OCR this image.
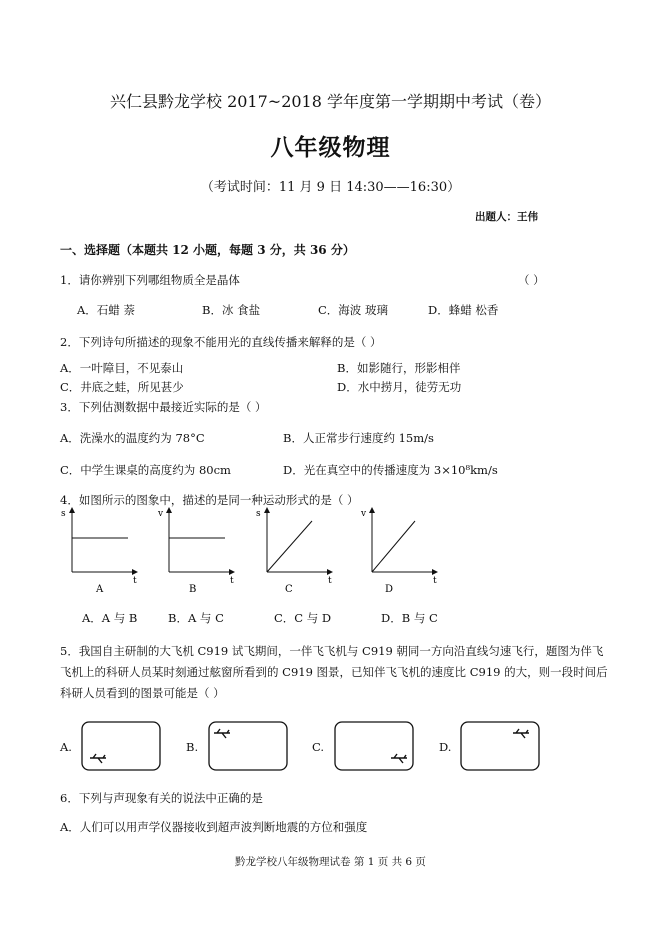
兴仁县黔龙学校 2017~2018 学年度第一学期期中考试（卷）
八年级物理
（考试时间：11 月 9 日 14:30——16:30）
出题人：王伟
一、选择题（本题共 12 小题，每题 3 分，共 36 分）
1．请你辨别下列哪组物质全是晶体	（ ）
A．石蜡 萘	B．冰 食盐	C．海波 玻璃	D．蜂蜡 松香
2．下列诗句所描述的现象不能用光的直线传播来解释的是（ ）
A．一叶障目，不见泰山	B．如影随行，形影相伴
C．井底之蛙，所见甚少	D．水中捞月，徒劳无功
3．下列估测数据中最接近实际的是（ ）
A．洗澡水的温度约为 78°C	B．人正常步行速度约 15m/s
C．中学生课桌的高度约为 80cm	D．光在真空中的传播速度为 3×10⁸km/s
4．如图所示的图象中，描述的是同一种运动形式的是（ ）
s
t
A
v
t
B
s
t
C
v
t
D
A．A 与 B	B．A 与 C	C．C 与 D	D．B 与 C
5．我国自主研制的大飞机 C919 试飞期间，一伴飞飞机与 C919 朝同一方向沿直线匀速飞行，题图为伴飞
飞机上的科研人员某时刻通过舷窗所看到的 C919 图景，已知伴飞飞机的速度比 C919 的大，则一段时间后
科研人员看到的图景可能是（ ）
A.	B.	C.	D.
6．下列与声现象有关的说法中正确的是
A．人们可以用声学仪器接收到超声波判断地震的方位和强度
黔龙学校八年级物理试卷 第 1 页 共 6 页
